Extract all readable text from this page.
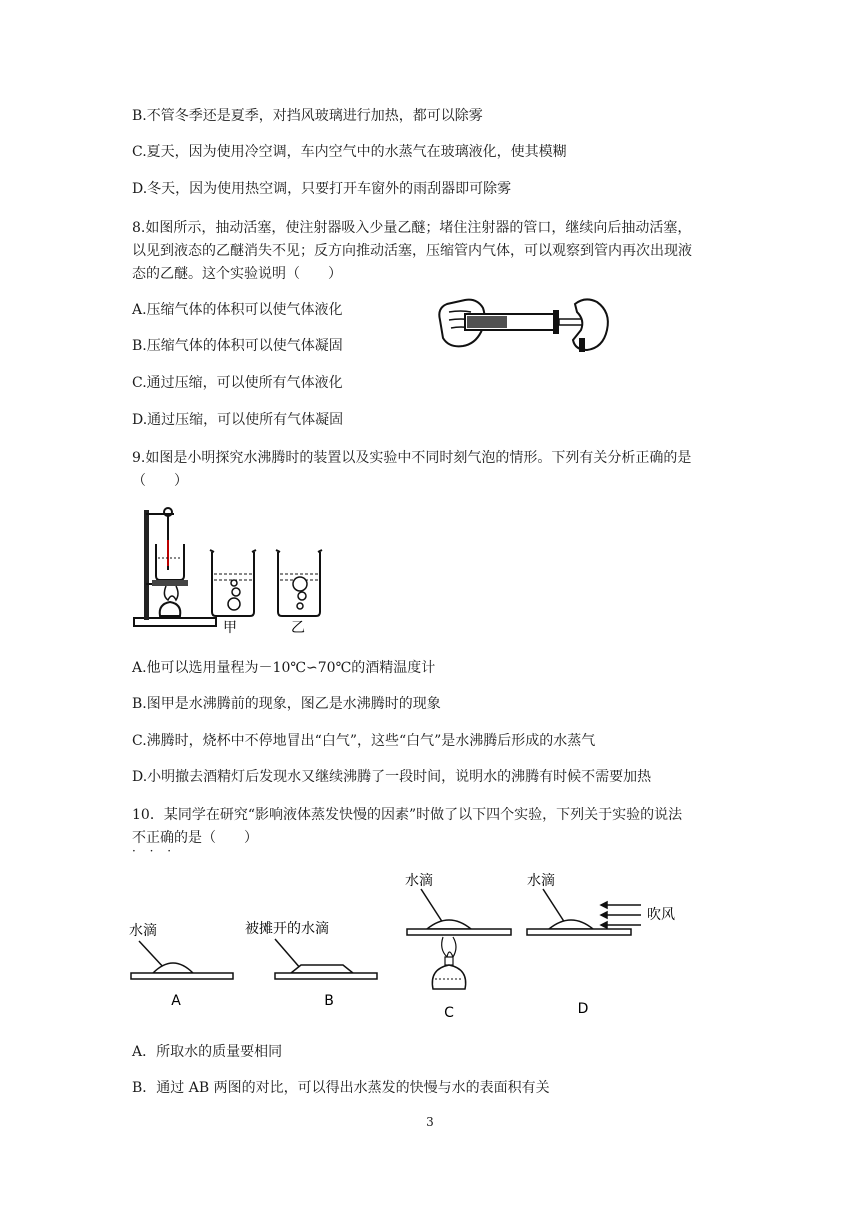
B.不管冬季还是夏季，对挡风玻璃进行加热，都可以除雾
C.夏天，因为使用冷空调，车内空气中的水蒸气在玻璃液化，使其模糊
D.冬天，因为使用热空调，只要打开车窗外的雨刮器即可除雾
8.如图所示，抽动活塞，使注射器吸入少量乙醚；堵住注射器的管口，继续向后抽动活塞，
以见到液态的乙醚消失不见；反方向推动活塞，压缩管内气体，可以观察到管内再次出现液
态的乙醚。这个实验说明（　　）
A.压缩气体的体积可以使气体液化
B.压缩气体的体积可以使气体凝固
C.通过压缩，可以使所有气体液化
D.通过压缩，可以使所有气体凝固
9.如图是小明探究水沸腾时的装置以及实验中不同时刻气泡的情形。下列有关分析正确的是
（　　）
甲	乙
A.他可以选用量程为－10℃∽70℃的酒精温度计
B.图甲是水沸腾前的现象，图乙是水沸腾时的现象
C.沸腾时，烧杯中不停地冒出“白气”，这些“白气”是水沸腾后形成的水蒸气
D.小明撤去酒精灯后发现水又继续沸腾了一段时间，说明水的沸腾有时候不需要加热
10．某同学在研究“影响液体蒸发快慢的因素”时做了以下四个实验，下列关于实验的说法
不正确的是（　　）
· · ·
水滴
A
被摊开的水滴
B
水滴
C
水滴
吹风
D
A．所取水的质量要相同
B．通过 AB 两图的对比，可以得出水蒸发的快慢与水的表面积有关
3
